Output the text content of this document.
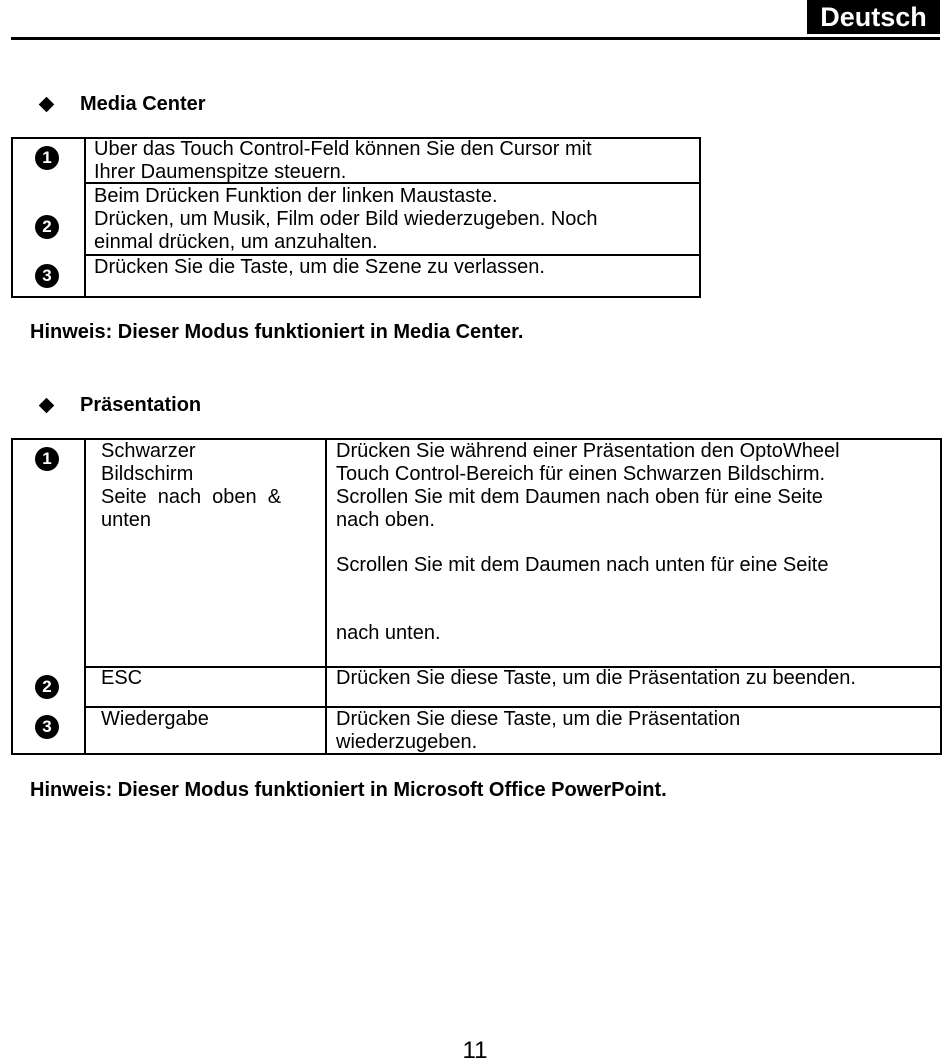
Deutsch
Media Center
1
2
3

Uber das Touch Control-Feld können Sie den Cursor mit
Ihrer Daumenspitze steuern.

Beim Drücken Funktion der linken Maustaste.
Drücken, um Musik, Film oder Bild wiederzugeben. Noch
einmal drücken, um anzuhalten.

Drücken Sie die Taste, um die Szene zu verlassen.

Hinweis: Dieser Modus funktioniert in Media Center.
Präsentation
1
2
3

Schwarzer
Bildschirm

Seite  nach  oben  &
unten

Drücken Sie während einer Präsentation den OptoWheel
Touch Control-Bereich für einen Schwarzen Bildschirm.
Scrollen Sie mit dem Daumen nach oben für eine Seite
nach oben.

Scrollen Sie mit dem Daumen nach unten für eine Seite

nach unten.

ESC	Drücken Sie diese Taste, um die Präsentation zu beenden.

Wiedergabe	Drücken Sie diese Taste, um die Präsentation
wiederzugeben.

Hinweis: Dieser Modus funktioniert in Microsoft Office PowerPoint.
11
